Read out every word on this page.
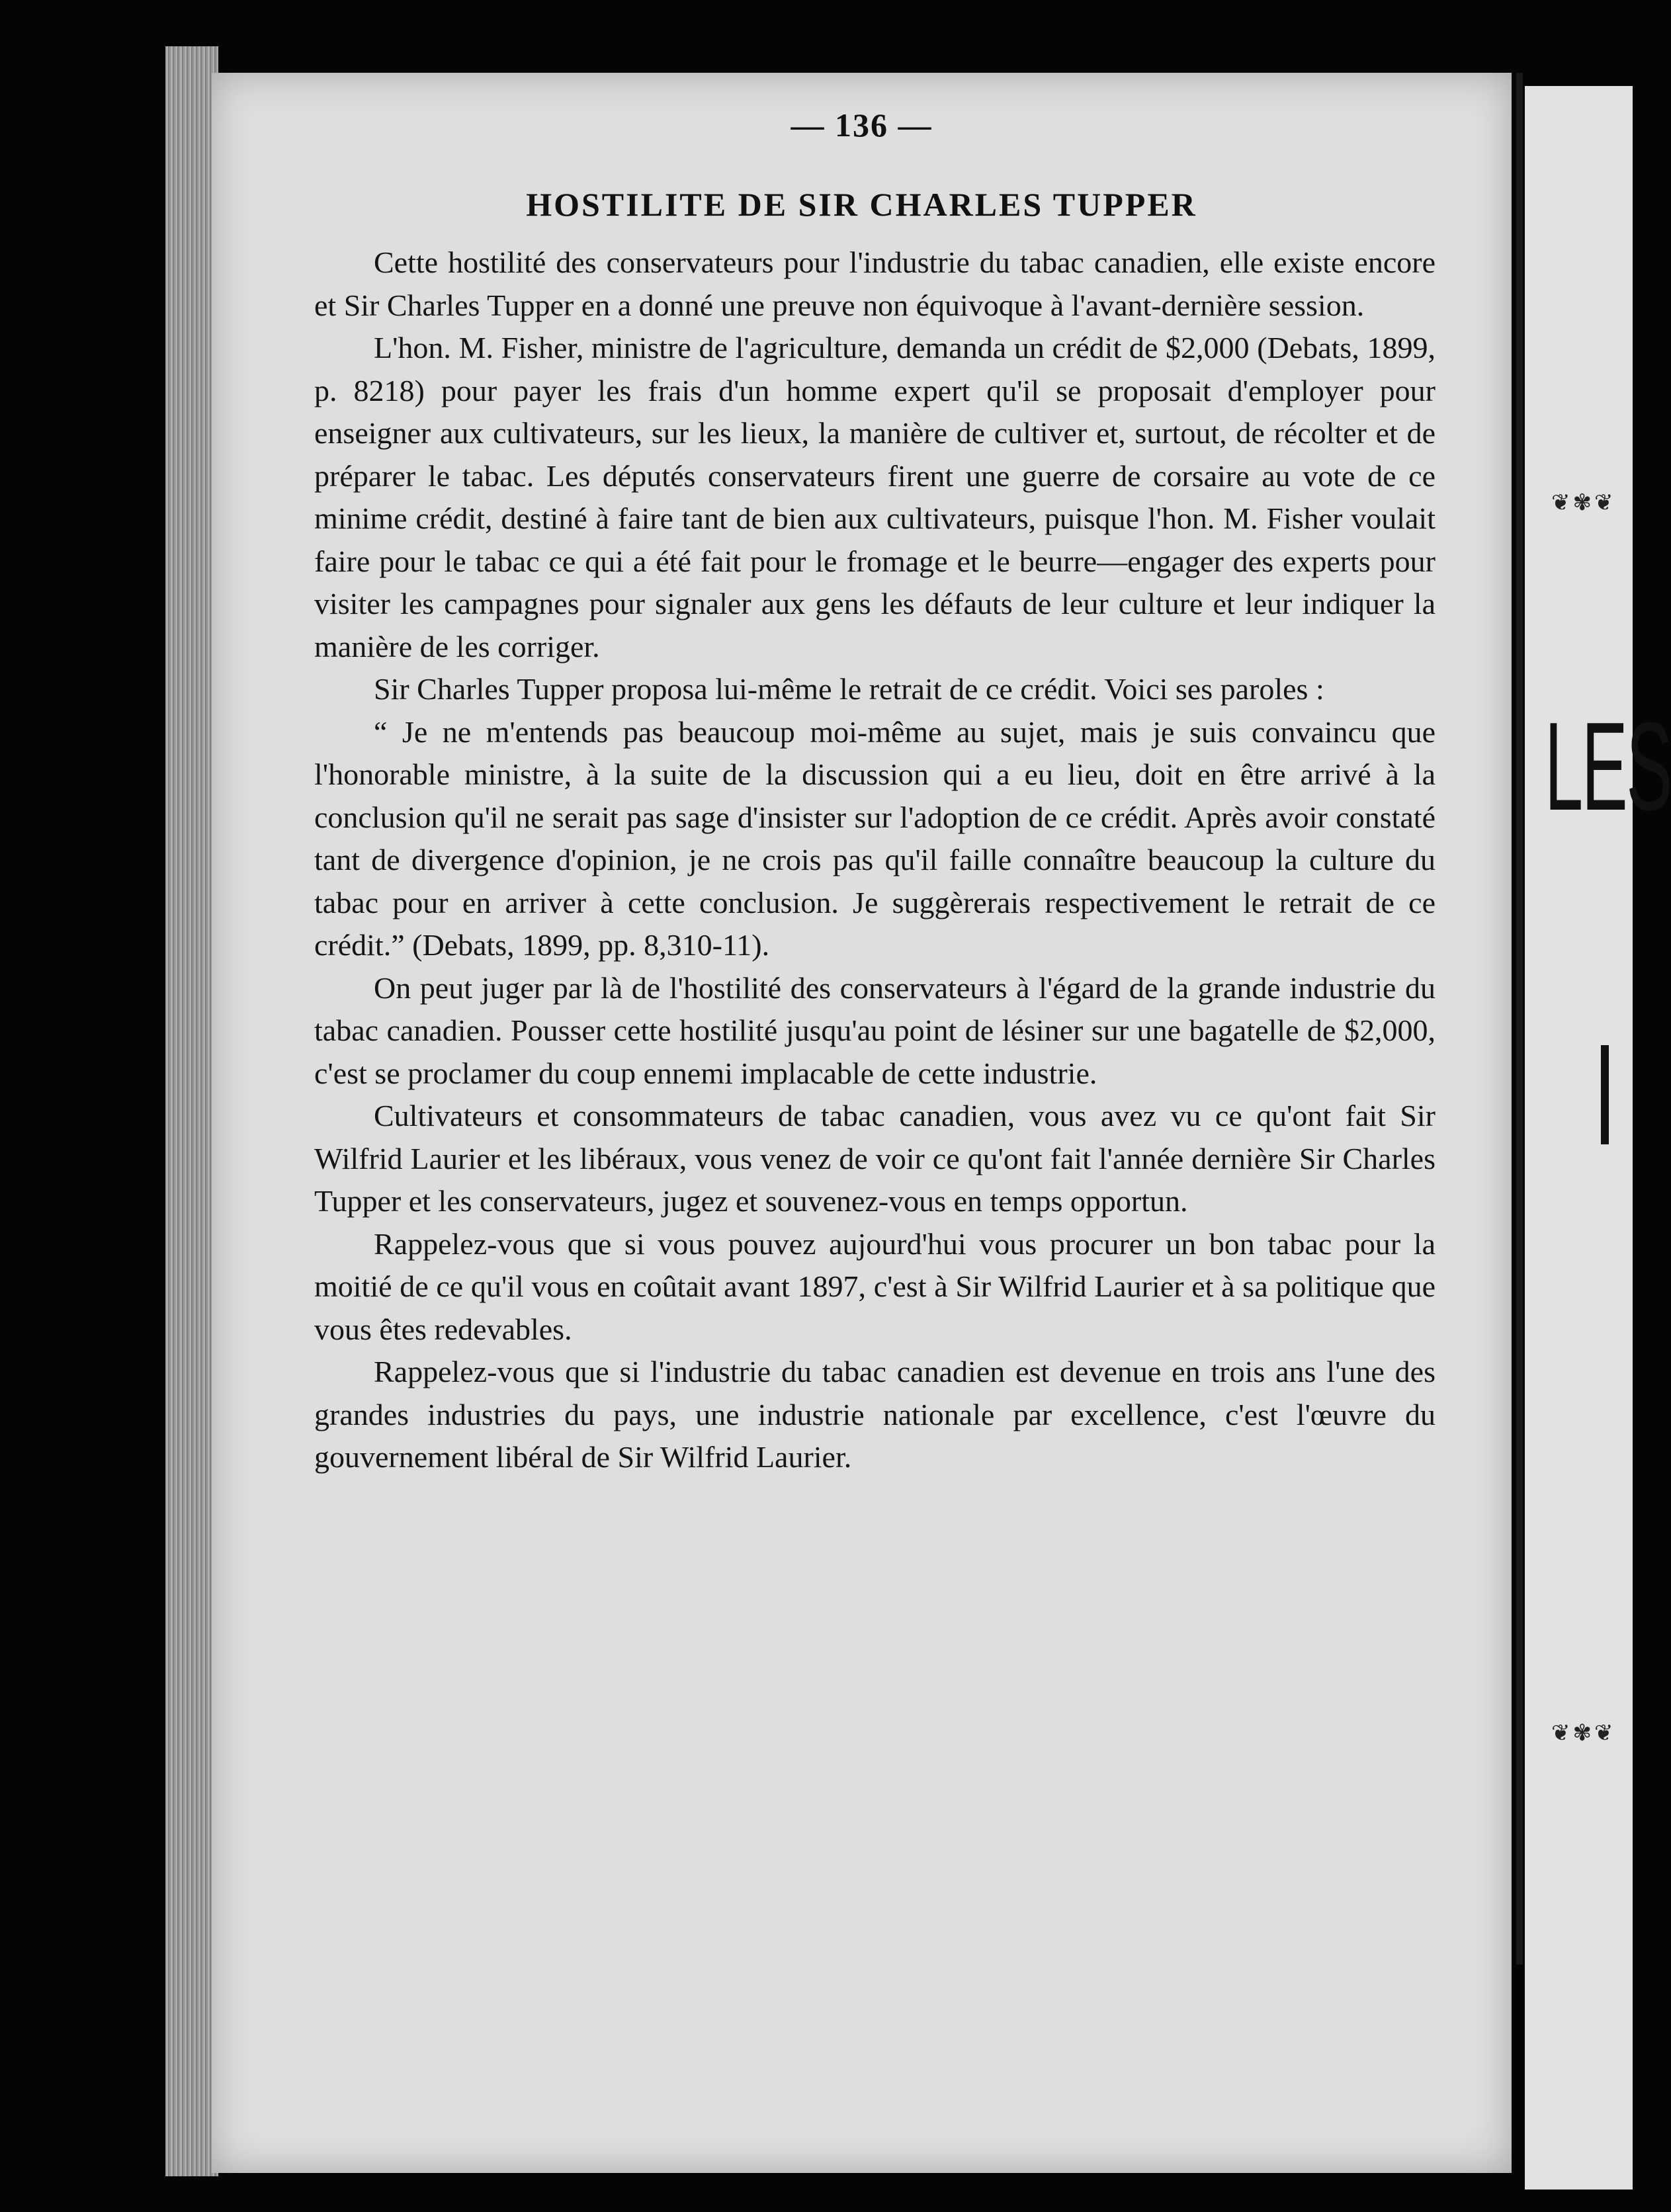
— 136 —
HOSTILITE DE SIR CHARLES TUPPER

Cette hostilité des conservateurs pour l'industrie du tabac canadien, elle existe encore et Sir Charles Tupper en a donné une preuve non équivoque à l'avant-dernière session.

L'hon. M. Fisher, ministre de l'agriculture, demanda un crédit de $2,000 (Debats, 1899, p. 8218) pour payer les frais d'un homme expert qu'il se proposait d'employer pour enseigner aux cultivateurs, sur les lieux, la manière de cultiver et, surtout, de récolter et de préparer le tabac. Les députés conservateurs firent une guerre de corsaire au vote de ce minime crédit, destiné à faire tant de bien aux cultivateurs, puisque l'hon. M. Fisher voulait faire pour le tabac ce qui a été fait pour le fromage et le beurre—engager des experts pour visiter les campagnes pour signaler aux gens les défauts de leur culture et leur indiquer la manière de les corriger.

Sir Charles Tupper proposa lui-même le retrait de ce crédit. Voici ses paroles :

“ Je ne m'entends pas beaucoup moi-même au sujet, mais je suis convaincu que l'honorable ministre, à la suite de la discussion qui a eu lieu, doit en être arrivé à la conclusion qu'il ne serait pas sage d'insister sur l'adoption de ce crédit. Après avoir constaté tant de divergence d'opinion, je ne crois pas qu'il faille connaître beaucoup la culture du tabac pour en arriver à cette conclusion. Je suggèrerais respectivement le retrait de ce crédit.” (Debats, 1899, pp. 8,310-11).

On peut juger par là de l'hostilité des conservateurs à l'égard de la grande industrie du tabac canadien. Pousser cette hostilité jusqu'au point de lésiner sur une bagatelle de $2,000, c'est se proclamer du coup ennemi implacable de cette industrie.

Cultivateurs et consommateurs de tabac canadien, vous avez vu ce qu'ont fait Sir Wilfrid Laurier et les libéraux, vous venez de voir ce qu'ont fait l'année dernière Sir Charles Tupper et les conservateurs, jugez et souvenez-vous en temps opportun.

Rappelez-vous que si vous pouvez aujourd'hui vous procurer un bon tabac pour la moitié de ce qu'il vous en coûtait avant 1897, c'est à Sir Wilfrid Laurier et à sa politique que vous êtes redevables.

Rappelez-vous que si l'industrie du tabac canadien est devenue en trois ans l'une des grandes industries du pays, une industrie nationale par excellence, c'est l'œuvre du gouvernement libéral de Sir Wilfrid Laurier.

❦✾❦
LES
❦✾❦
